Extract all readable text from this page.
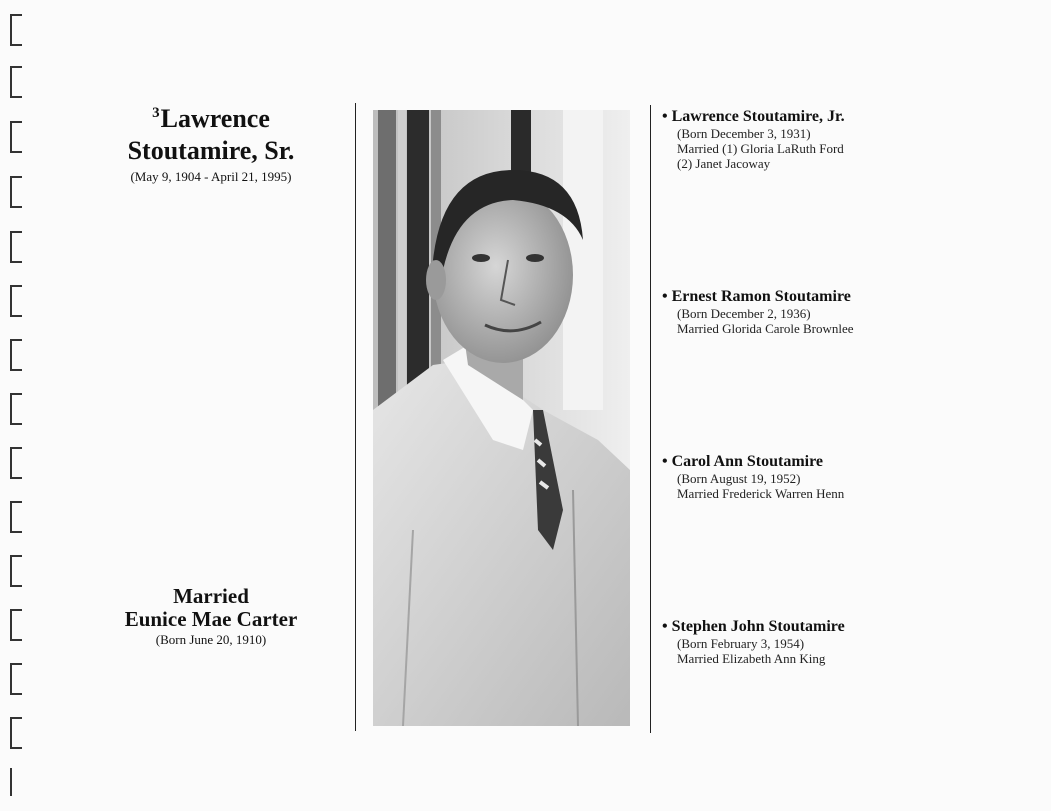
$^3$Lawrence
Stoutamire, Sr.
(May 9, 1904 - April 21, 1995)
Married
Eunice Mae Carter
(Born June 20, 1910)
• Lawrence Stoutamire, Jr.
(Born December 3, 1931)
Married (1) Gloria LaRuth Ford
(2) Janet Jacoway
• Ernest Ramon Stoutamire
(Born December 2, 1936)
Married Glorida Carole Brownlee
• Carol Ann Stoutamire
(Born August 19, 1952)
Married Frederick Warren Henn
• Stephen John Stoutamire
(Born February 3, 1954)
Married Elizabeth Ann King
